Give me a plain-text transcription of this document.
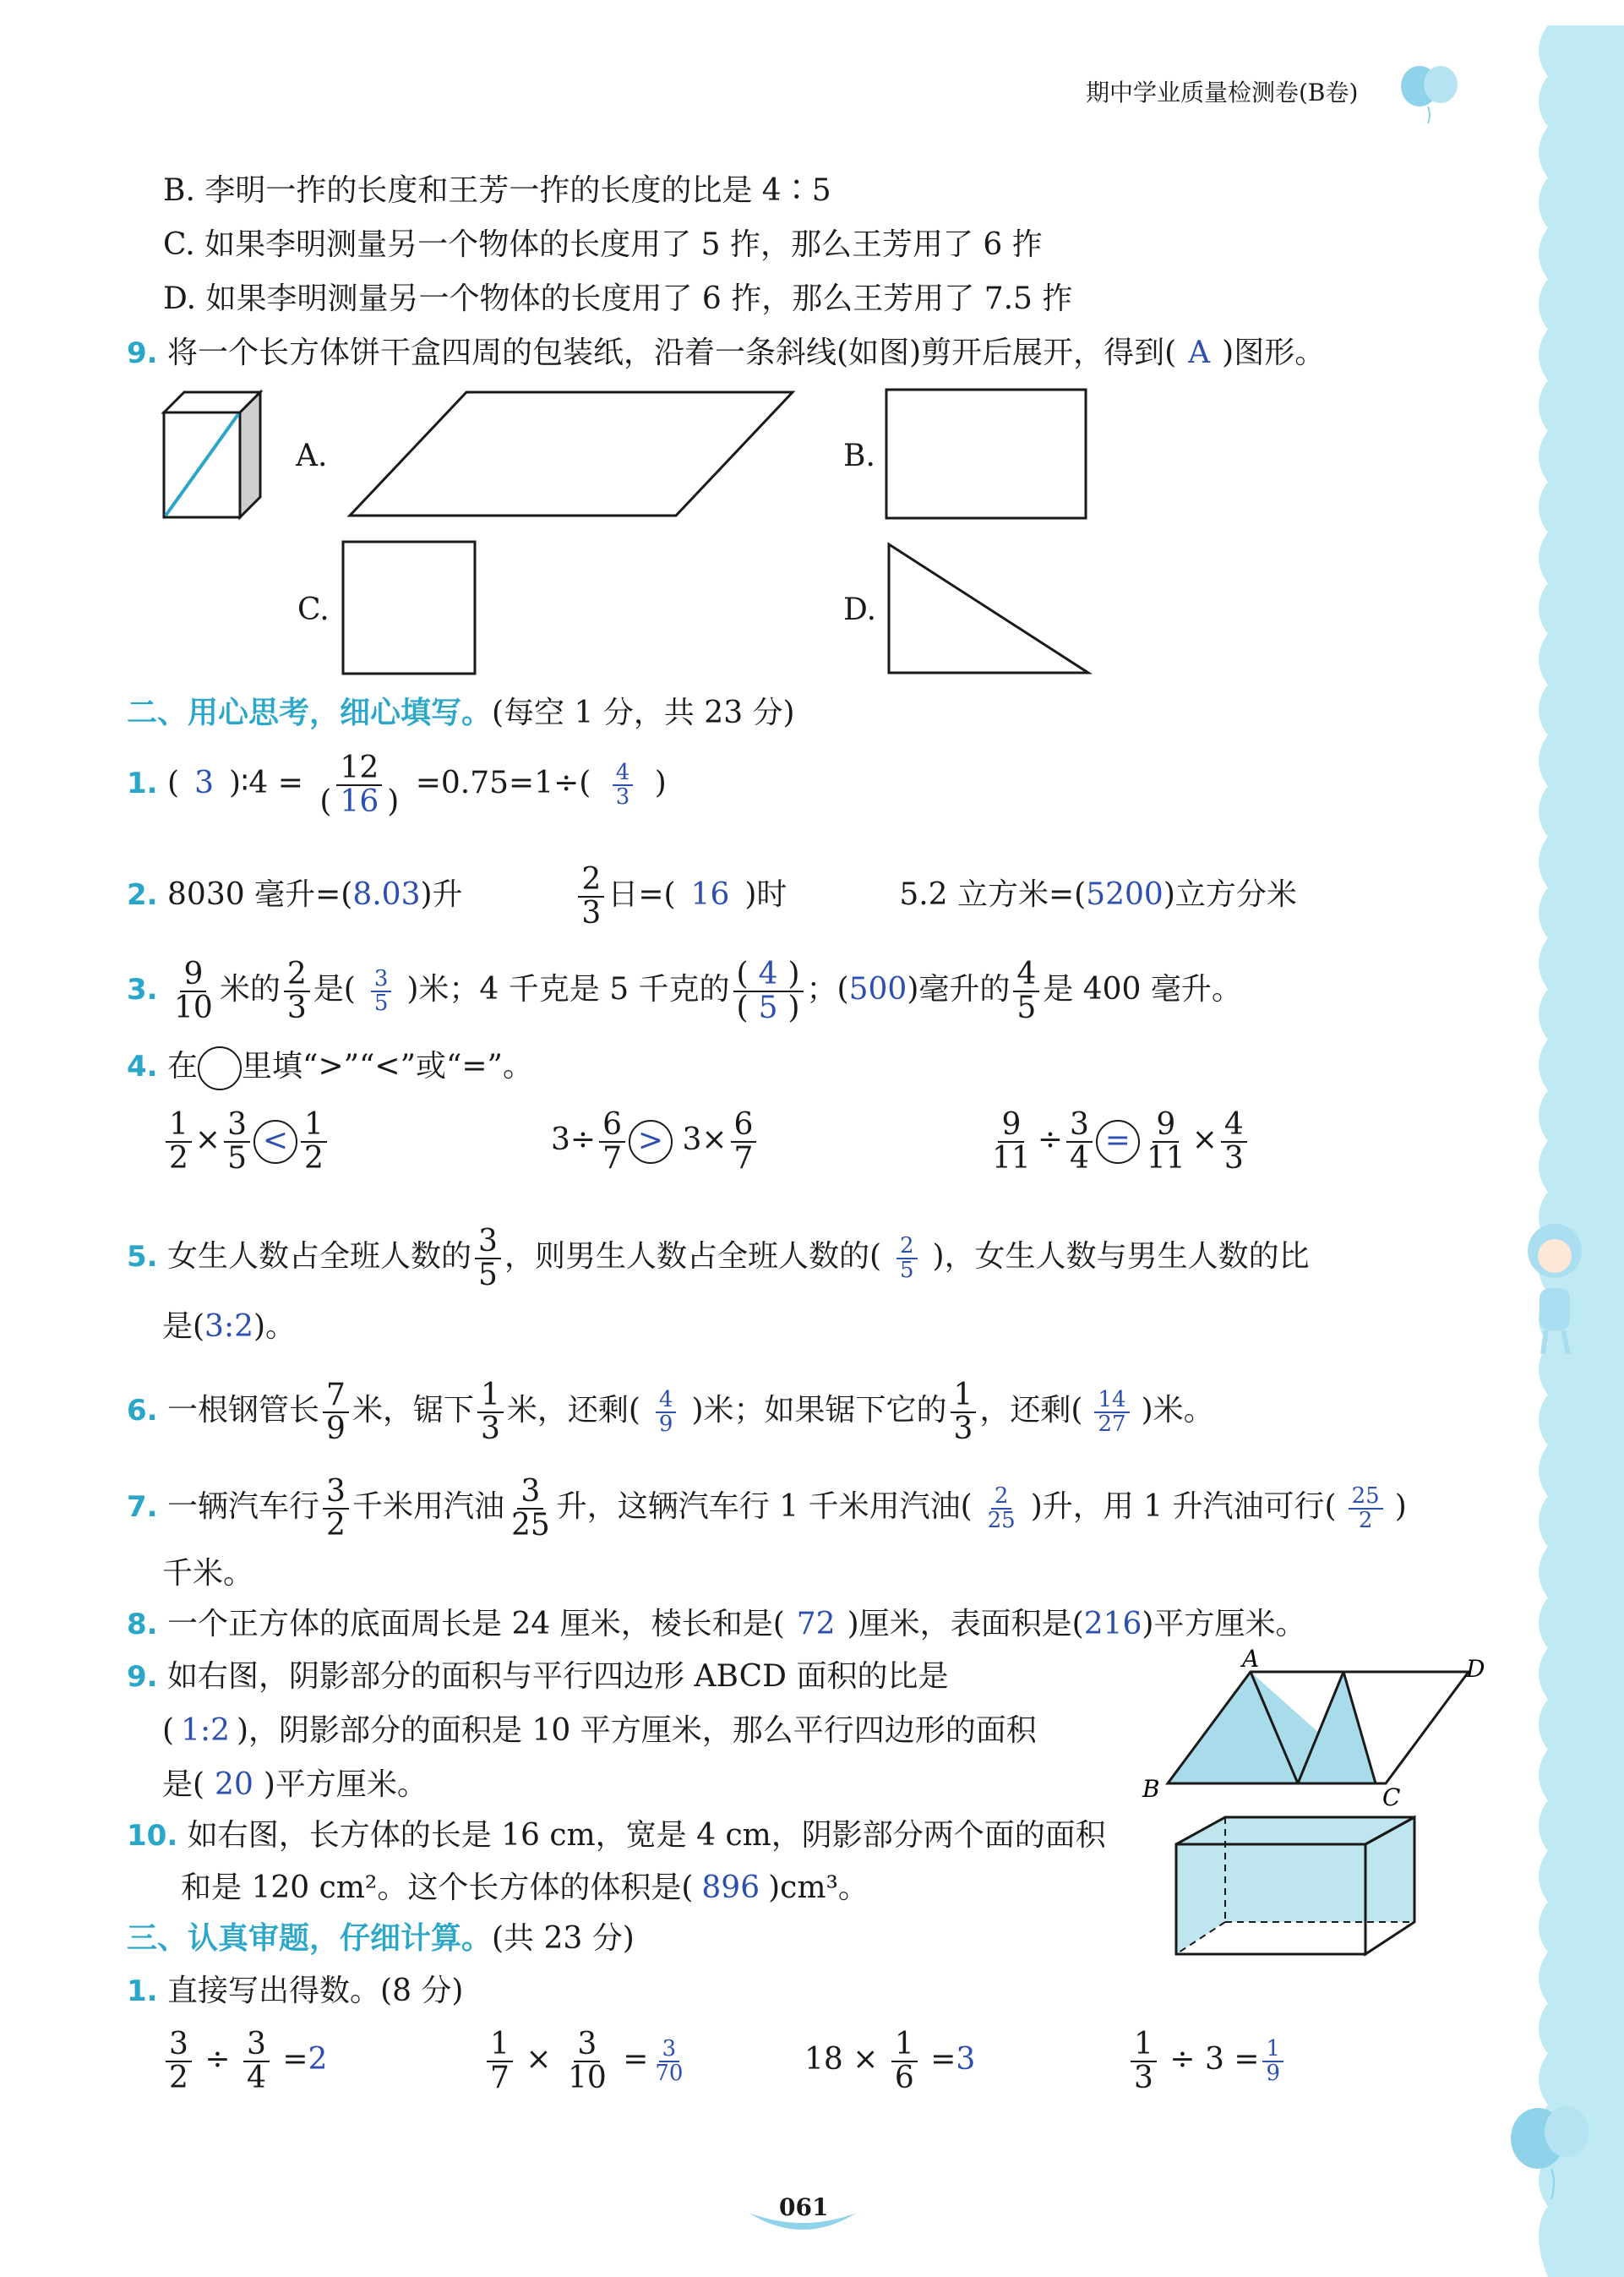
期中学业质量检测卷(B卷)
B. 李明一拃的长度和王芳一拃的长度的比是 4∶5
C. 如果李明测量另一个物体的长度用了 5 拃，那么王芳用了 6 拃
D. 如果李明测量另一个物体的长度用了 6 拃，那么王芳用了 7.5 拃
9. 将一个长方体饼干盒四周的包装纸，沿着一条斜线(如图)剪开后展开，得到( A )图形。
A.	B.
C.	D.
二、用心思考，细心填写。(每空 1 分，共 23 分)
1. ( 3 )∶4 = $\frac{12}{( 16 )} =0.75=1\div( \frac{4}{3}$ )
2. 8030 毫升=(8.03)升	$\frac{2}{3}$ 日=( 16 )时	5.2 立方米=(5200)立方分米
3. $\frac{9}{10}$ 米的 $\frac{2}{3}$ 是( $\frac{3}{5}$ )米；4 千克是 5 千克的 $\frac{( 4 )}{( 5 )}$ ；(500)毫升的 $\frac{4}{5}$ 是 400 毫升。
4. 在 里填“>”“<”或“=”。
$\frac{1}{2} \times \frac{3}{5} < \frac{1}{2}$	$3\div \frac{6}{7} > 3\times \frac{6}{7}$	$\frac{9}{11} \div \frac{3}{4} = \frac{9}{11} \times \frac{4}{3}$
5. 女生人数占全班人数的 $\frac{3}{5}$ ，则男生人数占全班人数的( $\frac{2}{5}$ )，女生人数与男生人数的比
是(3:2)。
6. 一根钢管长 $\frac{7}{9}$ 米，锯下 $\frac{1}{3}$ 米，还剩( $\frac{4}{9}$ )米；如果锯下它的 $\frac{1}{3}$ ，还剩( $\frac{14}{27}$ )米。
7. 一辆汽车行 $\frac{3}{2}$ 千米用汽油 $\frac{3}{25}$ 升，这辆汽车行 1 千米用汽油( $\frac{2}{25}$ )升，用 1 升汽油可行( $\frac{25}{2}$ )
千米。
8. 一个正方体的底面周长是 24 厘米，棱长和是( 72 )厘米，表面积是(216)平方厘米。
9. 如右图，阴影部分的面积与平行四边形 ABCD 面积的比是
( 1:2 )，阴影部分的面积是 10 平方厘米，那么平行四边形的面积
是( 20 )平方厘米。
A	D
B	C
10. 如右图，长方体的长是 16 cm，宽是 4 cm，阴影部分两个面的面积
和是 120 cm²。这个长方体的体积是( 896 )cm³。
三、认真审题，仔细计算。(共 23 分)
1. 直接写出得数。(8 分)
$\frac{3}{2} \div \frac{3}{4} =2$	$\frac{1}{7} \times \frac{3}{10} = \frac{3}{70}$	$18 \times \frac{1}{6} =3$	$\frac{1}{3} \div 3 = \frac{1}{9}$
061
